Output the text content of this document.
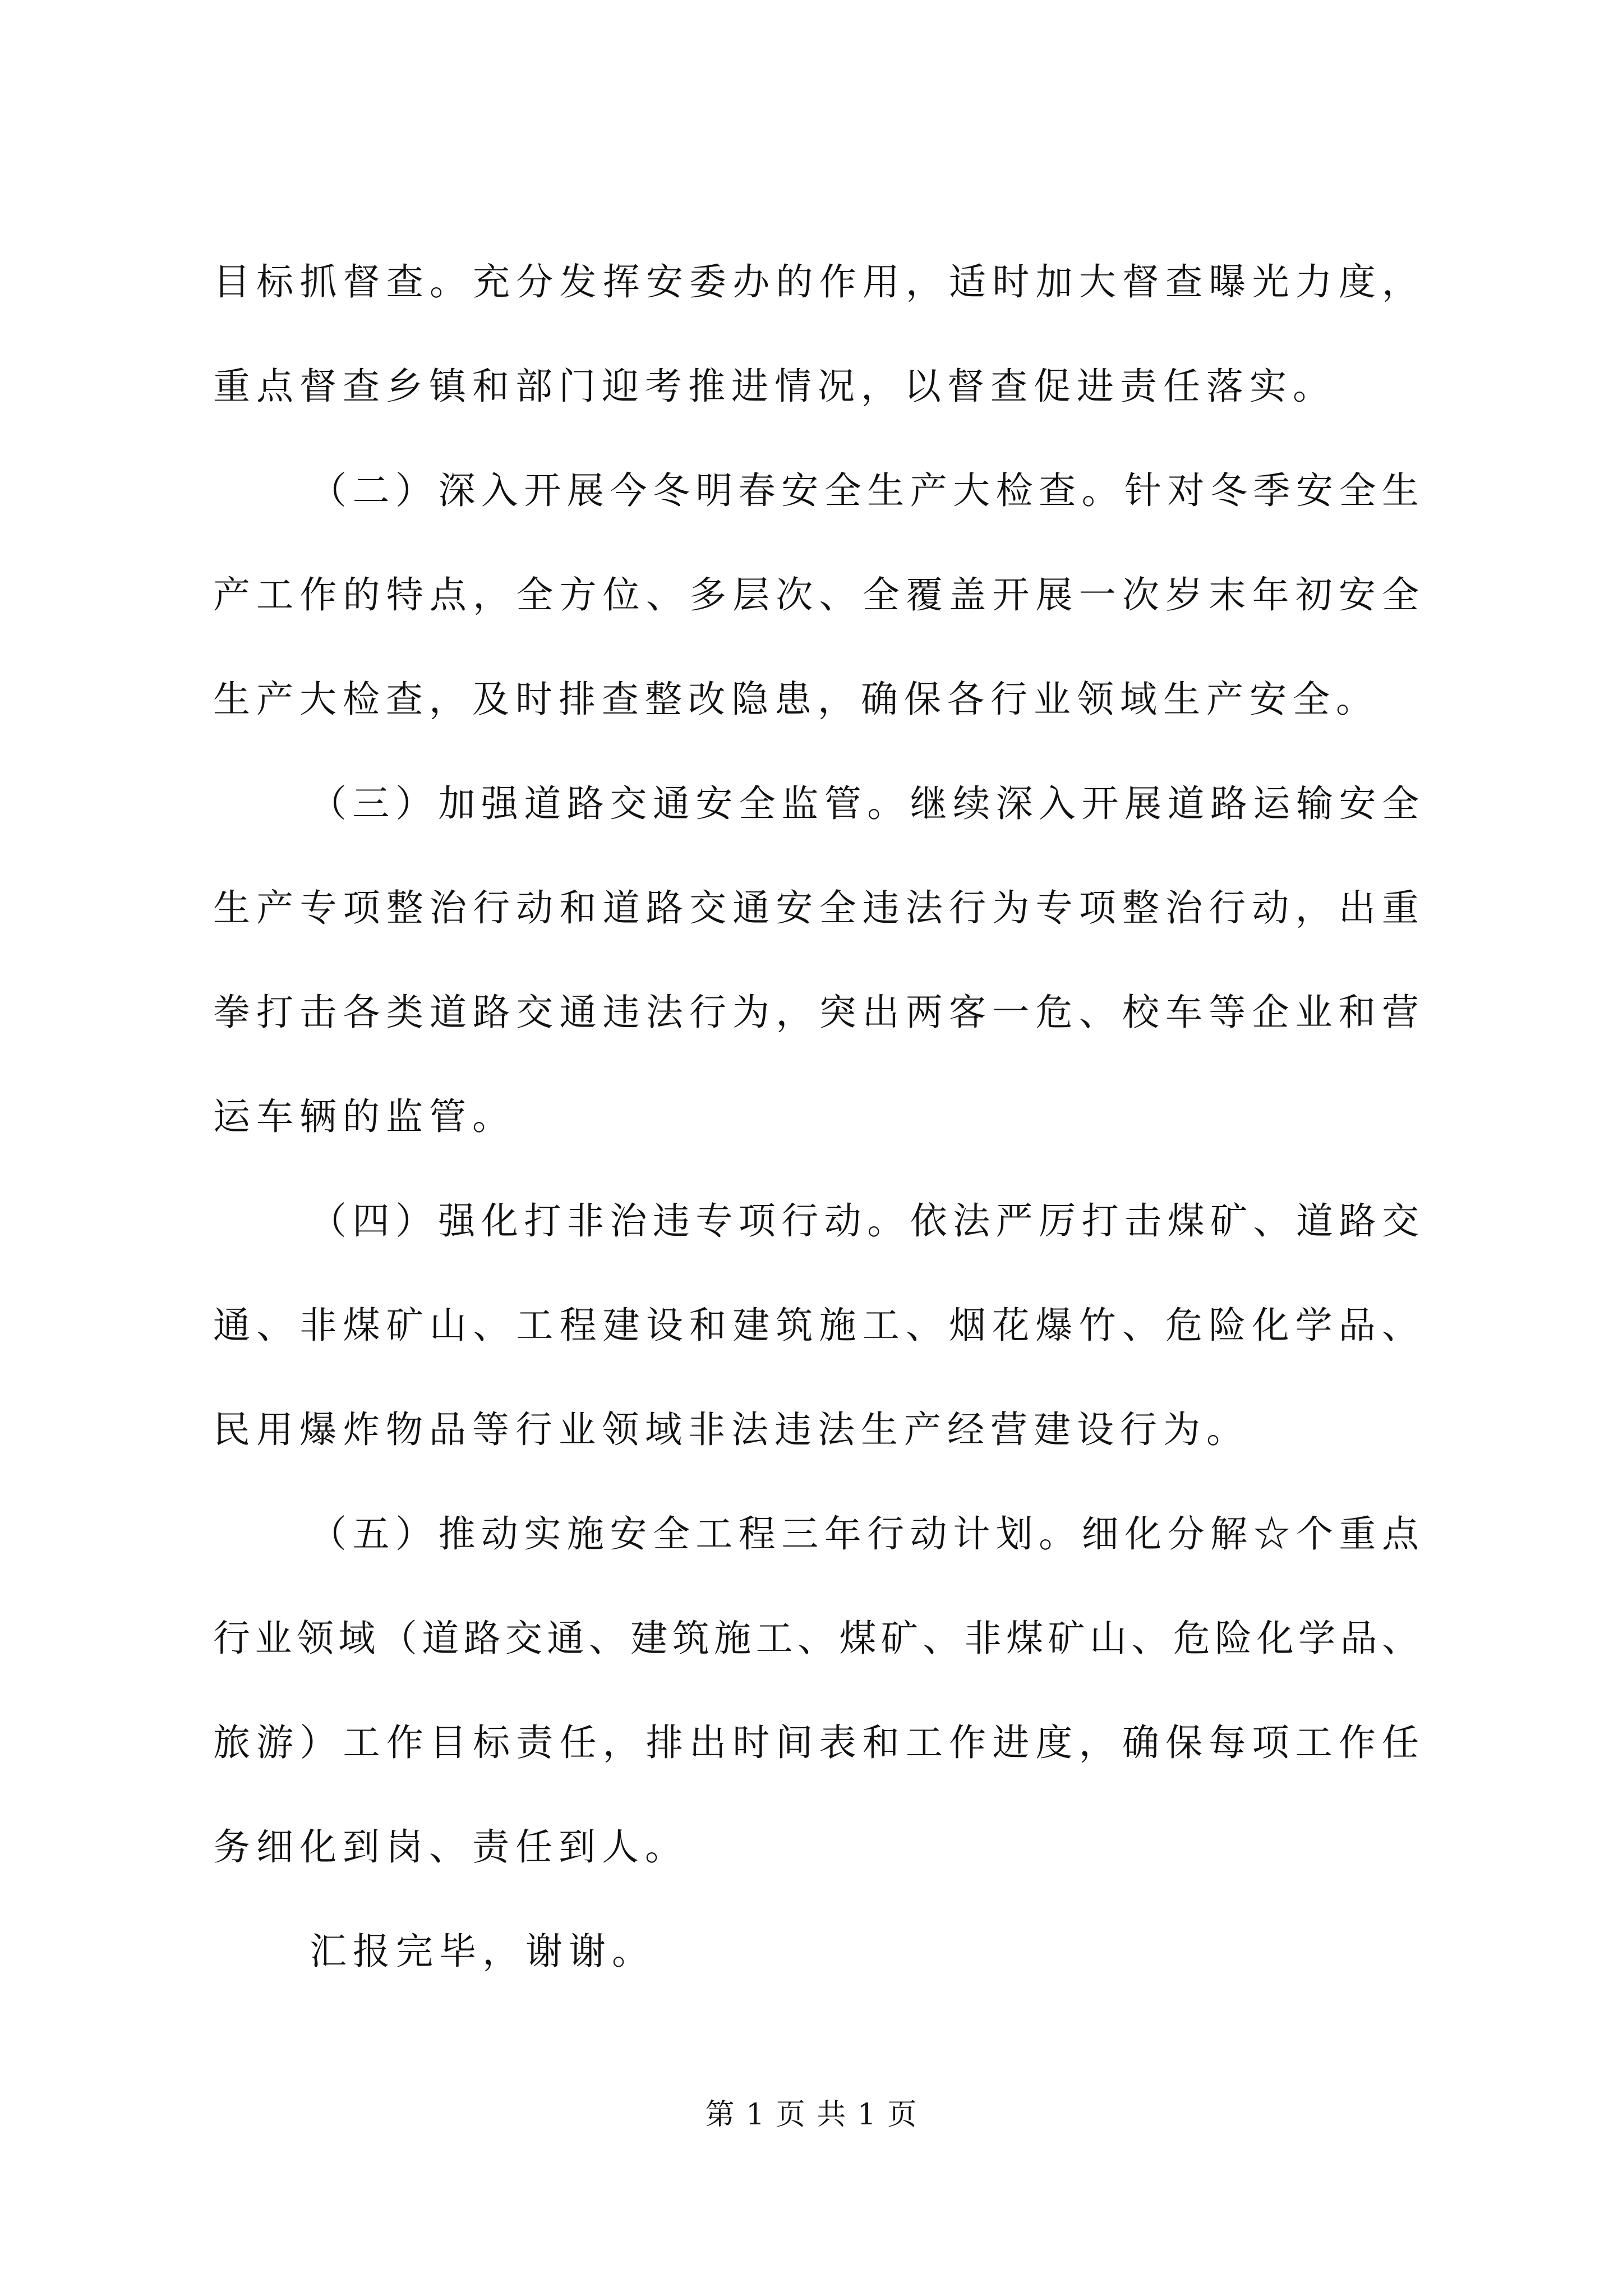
目标抓督查。充分发挥安委办的作用，适时加大督查曝光力度，
重点督查乡镇和部门迎考推进情况，以督查促进责任落实。
（二）深入开展今冬明春安全生产大检查。针对冬季安全生
产工作的特点，全方位、多层次、全覆盖开展一次岁末年初安全
生产大检查，及时排查整改隐患，确保各行业领域生产安全。
（三）加强道路交通安全监管。继续深入开展道路运输安全
生产专项整治行动和道路交通安全违法行为专项整治行动，出重
拳打击各类道路交通违法行为，突出两客一危、校车等企业和营
运车辆的监管。
（四）强化打非治违专项行动。依法严厉打击煤矿、道路交
通、非煤矿山、工程建设和建筑施工、烟花爆竹、危险化学品、
民用爆炸物品等行业领域非法违法生产经营建设行为。
（五）推动实施安全工程三年行动计划。细化分解☆个重点
行业领域（道路交通、建筑施工、煤矿、非煤矿山、危险化学品、
旅游）工作目标责任，排出时间表和工作进度，确保每项工作任
务细化到岗、责任到人。
汇报完毕，谢谢。
第 1 页 共 1 页
